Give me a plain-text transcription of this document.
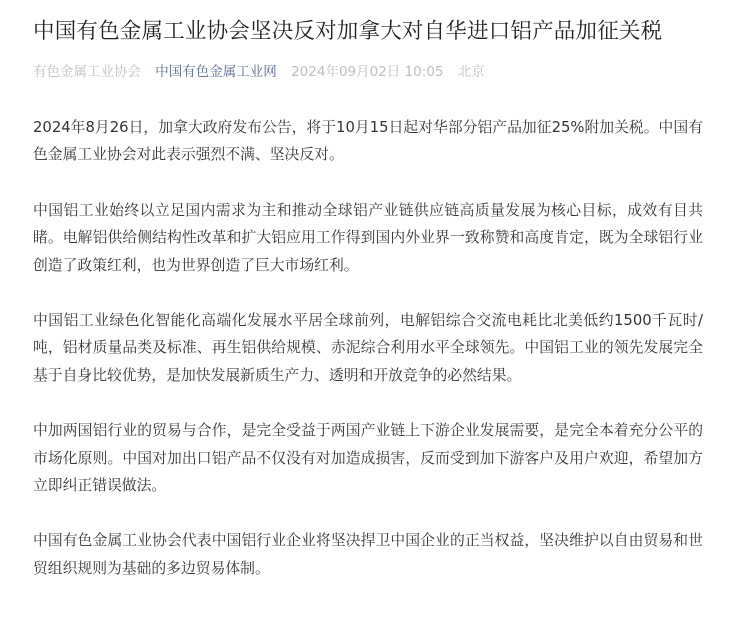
中国有色金属工业协会坚决反对加拿大对自华进口铝产品加征关税
有色金属工业协会 中国有色金属工业网 2024年09月02日 10:05 北京

2024年8月26日，加拿大政府发布公告，将于10月15日起对华部分铝产品加征25%附加关税。中国有色金属工业协会对此表示强烈不满、坚决反对。

中国铝工业始终以立足国内需求为主和推动全球铝产业链供应链高质量发展为核心目标，成效有目共睹。电解铝供给侧结构性改革和扩大铝应用工作得到国内外业界一致称赞和高度肯定，既为全球铝行业创造了政策红利，也为世界创造了巨大市场红利。

中国铝工业绿色化智能化高端化发展水平居全球前列，电解铝综合交流电耗比北美低约1500千瓦时/吨，铝材质量品类及标准、再生铝供给规模、赤泥综合利用水平全球领先。中国铝工业的领先发展完全基于自身比较优势，是加快发展新质生产力、透明和开放竞争的必然结果。

中加两国铝行业的贸易与合作，是完全受益于两国产业链上下游企业发展需要，是完全本着充分公平的市场化原则。中国对加出口铝产品不仅没有对加造成损害，反而受到加下游客户及用户欢迎，希望加方立即纠正错误做法。

中国有色金属工业协会代表中国铝行业企业将坚决捍卫中国企业的正当权益，坚决维护以自由贸易和世贸组织规则为基础的多边贸易体制。
